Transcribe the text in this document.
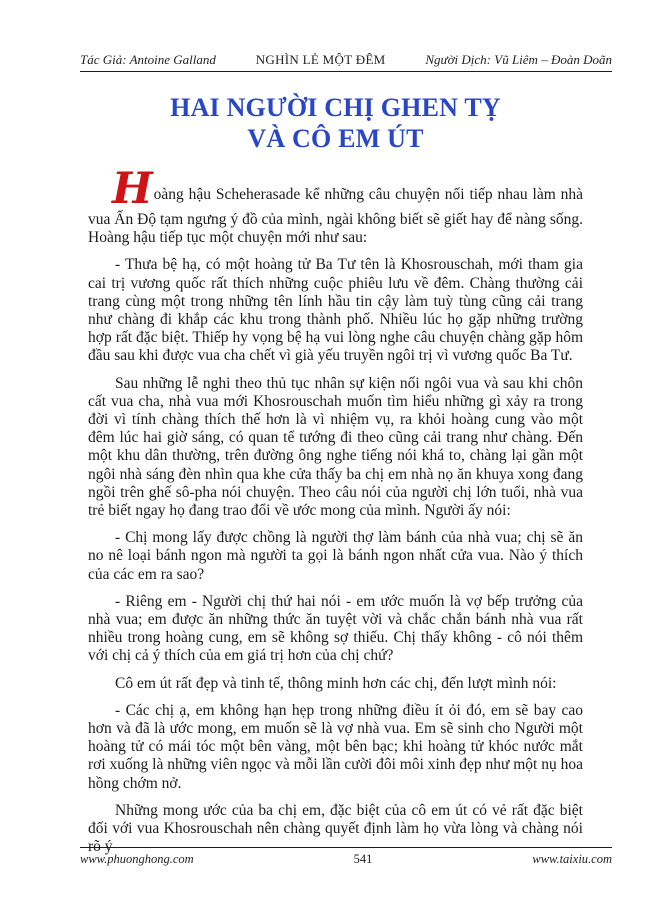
Tác Giả: Antoine Galland	NGHÌN LẺ MỘT ĐÊM	Người Dịch: Vũ Liêm – Đoàn Doãn
HAI NGƯỜI CHỊ GHEN TỴ
VÀ CÔ EM ÚT

Hoàng hậu Scheherasade kể những câu chuyện nối tiếp nhau làm nhà vua Ấn Độ tạm ngưng ý đồ của mình, ngài không biết sẽ giết hay để nàng sống. Hoàng hậu tiếp tục một chuyện mới như sau:

- Thưa bệ hạ, có một hoàng tử Ba Tư tên là Khosrouschah, mới tham gia cai trị vương quốc rất thích những cuộc phiêu lưu về đêm. Chàng thường cải trang cùng một trong những tên lính hầu tin cậy làm tuỳ tùng cũng cải trang như chàng đi khắp các khu trong thành phố. Nhiều lúc họ gặp những trường hợp rất đặc biệt. Thiếp hy vọng bệ hạ vui lòng nghe câu chuyện chàng gặp hôm đầu sau khi được vua cha chết vì già yếu truyền ngôi trị vì vương quốc Ba Tư.

Sau những lễ nghi theo thủ tục nhân sự kiện nối ngôi vua và sau khi chôn cất vua cha, nhà vua mới Khosrouschah muốn tìm hiểu những gì xảy ra trong đời vì tính chàng thích thế hơn là vì nhiệm vụ, ra khỏi hoàng cung vào một đêm lúc hai giờ sáng, có quan tể tướng đi theo cũng cải trang như chàng. Đến một khu dân thường, trên đường ông nghe tiếng nói khá to, chàng lại gần một ngôi nhà sáng đèn nhìn qua khe cửa thấy ba chị em nhà nọ ăn khuya xong đang ngồi trên ghế sô-pha nói chuyện. Theo câu nói của người chị lớn tuổi, nhà vua trẻ biết ngay họ đang trao đổi về ước mong của mình. Người ấy nói:

- Chị mong lấy được chồng là người thợ làm bánh của nhà vua; chị sẽ ăn no nê loại bánh ngon mà người ta gọi là bánh ngon nhất cửa vua. Nào ý thích của các em ra sao?

- Riêng em - Người chị thứ hai nói - em ước muốn là vợ bếp trưởng của nhà vua; em được ăn những thức ăn tuyệt vời và chắc chắn bánh nhà vua rất nhiều trong hoàng cung, em sẽ không sợ thiếu. Chị thấy không - cô nói thêm với chị cả ý thích của em giá trị hơn của chị chứ?

Cô em út rất đẹp và tinh tế, thông minh hơn các chị, đến lượt mình nói:

- Các chị ạ, em không hạn hẹp trong những điều ít ỏi đó, em sẽ bay cao hơn và đã là ước mong, em muốn sẽ là vợ nhà vua. Em sẽ sinh cho Người một hoàng tử có mái tóc một bên vàng, một bên bạc; khi hoàng tử khóc nước mắt rơi xuống là những viên ngọc và mỗi lần cười đôi môi xinh đẹp như một nụ hoa hồng chớm nở.

Những mong ước của ba chị em, đặc biệt của cô em út có vẻ rất đặc biệt đối với vua Khosrouschah nên chàng quyết định làm họ vừa lòng và chàng nói rõ ý

www.phuonghong.com	541	www.taixiu.com
